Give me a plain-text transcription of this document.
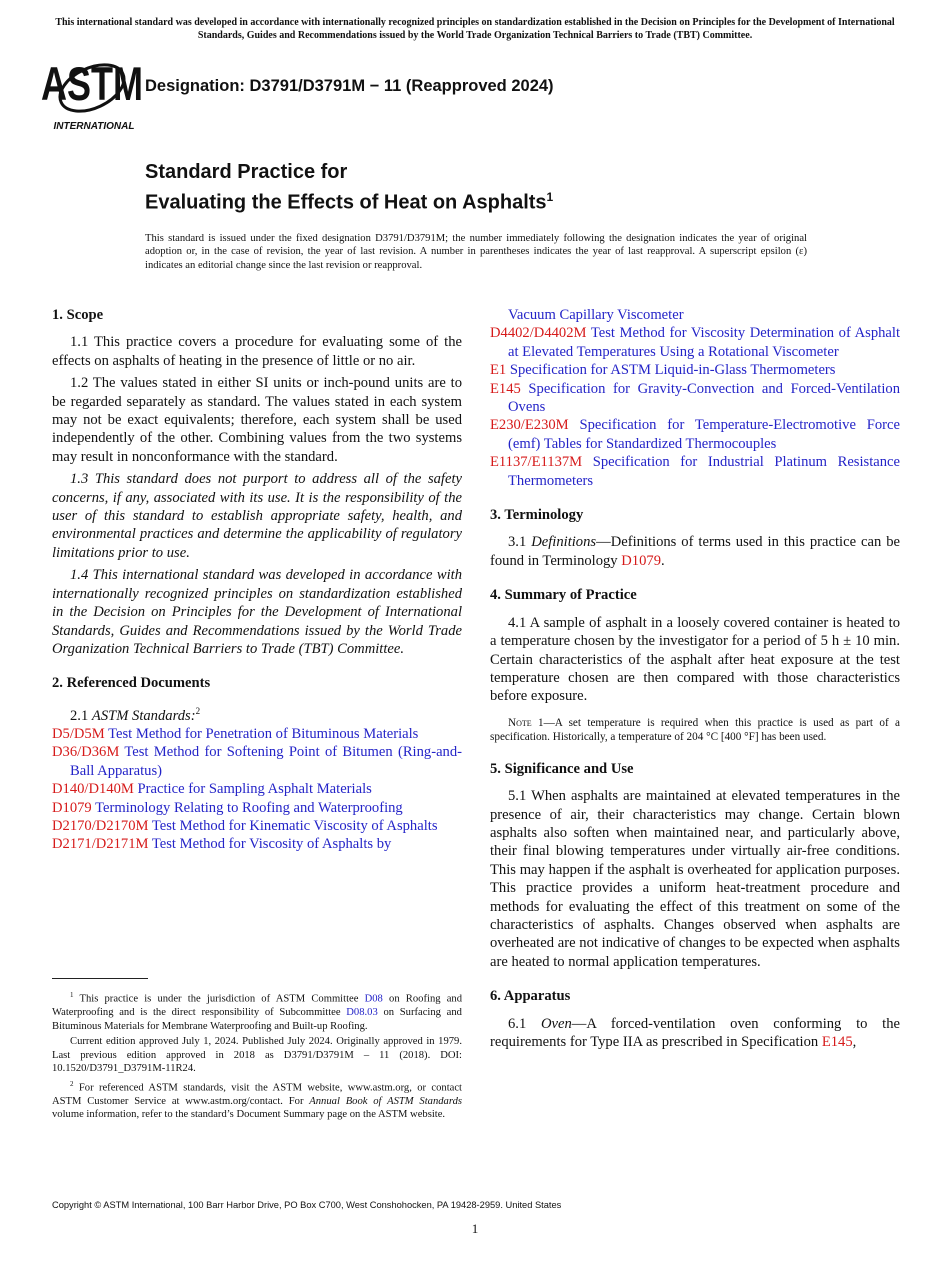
This international standard was developed in accordance with internationally recognized principles on standardization established in the Decision on Principles for the Development of International Standards, Guides and Recommendations issued by the World Trade Organization Technical Barriers to Trade (TBT) Committee.
ASTM
INTERNATIONAL
Designation: D3791/D3791M − 11 (Reapproved 2024)
Standard Practice for
Evaluating the Effects of Heat on Asphalts$^1$
This standard is issued under the fixed designation D3791/D3791M; the number immediately following the designation indicates the year of original adoption or, in the case of revision, the year of last revision. A number in parentheses indicates the year of last reapproval. A superscript epsilon (ε) indicates an editorial change since the last revision or reapproval.
1. Scope

1.1 This practice covers a procedure for evaluating some of the effects on asphalts of heating in the presence of little or no air.

1.2 The values stated in either SI units or inch-pound units are to be regarded separately as standard. The values stated in each system may not be exact equivalents; therefore, each system shall be used independently of the other. Combining values from the two systems may result in nonconformance with the standard.

1.3 This standard does not purport to address all of the safety concerns, if any, associated with its use. It is the responsibility of the user of this standard to establish appropriate safety, health, and environmental practices and determine the applicability of regulatory limitations prior to use.

1.4 This international standard was developed in accordance with internationally recognized principles on standardization established in the Decision on Principles for the Development of International Standards, Guides and Recommendations issued by the World Trade Organization Technical Barriers to Trade (TBT) Committee.

2. Referenced Documents

2.1 ASTM Standards:$^2$

D5/D5M Test Method for Penetration of Bituminous Materials
D36/D36M Test Method for Softening Point of Bitumen (Ring-and-Ball Apparatus)
D140/D140M Practice for Sampling Asphalt Materials
D1079 Terminology Relating to Roofing and Waterproofing
D2170/D2170M Test Method for Kinematic Viscosity of Asphalts
D2171/D2171M Test Method for Viscosity of Asphalts by

$^1$ This practice is under the jurisdiction of ASTM Committee D08 on Roofing and Waterproofing and is the direct responsibility of Subcommittee D08.03 on Surfacing and Bituminous Materials for Membrane Waterproofing and Built-up Roofing.

Current edition approved July 1, 2024. Published July 2024. Originally approved in 1979. Last previous edition approved in 2018 as D3791/D3791M – 11 (2018). DOI: 10.1520/D3791_D3791M-11R24.

$^2$ For referenced ASTM standards, visit the ASTM website, www.astm.org, or contact ASTM Customer Service at www.astm.org/contact. For Annual Book of ASTM Standards volume information, refer to the standard’s Document Summary page on the ASTM website.

Vacuum Capillary Viscometer
D4402/D4402M Test Method for Viscosity Determination of Asphalt at Elevated Temperatures Using a Rotational Viscometer
E1 Specification for ASTM Liquid-in-Glass Thermometers
E145 Specification for Gravity-Convection and Forced-Ventilation Ovens
E230/E230M Specification for Temperature-Electromotive Force (emf) Tables for Standardized Thermocouples
E1137/E1137M Specification for Industrial Platinum Resistance Thermometers
3. Terminology

3.1 Definitions—Definitions of terms used in this practice can be found in Terminology D1079.

4. Summary of Practice

4.1 A sample of asphalt in a loosely covered container is heated to a temperature chosen by the investigator for a period of 5 h ± 10 min. Certain characteristics of the asphalt after heat exposure at the test temperature chosen are then compared with those characteristics before exposure.

Note 1—A set temperature is required when this practice is used as part of a specification. Historically, a temperature of 204 °C [400 °F] has been used.
5. Significance and Use

5.1 When asphalts are maintained at elevated temperatures in the presence of air, their characteristics may change. Certain blown asphalts also soften when maintained near, and particularly above, their final blowing temperatures under virtually air-free conditions. This may happen if the asphalt is overheated for application purposes. This practice provides a uniform heat-treatment procedure and methods for evaluating the effect of this treatment on some of the characteristics of asphalts. Changes observed when asphalts are overheated are not indicative of changes to be expected when asphalts are heated to normal application temperatures.

6. Apparatus

6.1 Oven—A forced-ventilation oven conforming to the requirements for Type IIA as prescribed in Specification E145,

Copyright © ASTM International, 100 Barr Harbor Drive, PO Box C700, West Conshohocken, PA 19428-2959. United States
1
